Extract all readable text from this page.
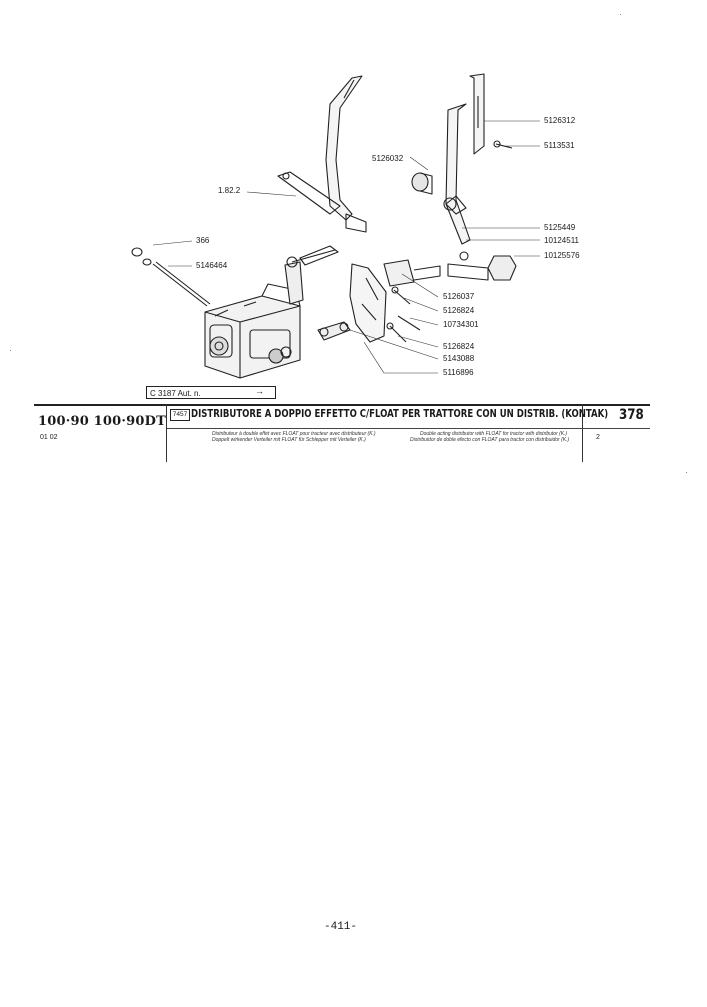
1.82.2
366
5146464
5126032
5126312
5113531
5125449
10124511
10125576
5126037
5126824
10734301
5126824
5143088
5116896
C 3187 Aut. n.	→
100·90 100·90DT
01 02
7457 DISTRIBUTORE A DOPPIO EFFETTO C/FLOAT PER TRATTORE CON UN DISTRIB. (KONTAK)
Distributeur à double effet avec FLOAT pour tracteur avec distributeur (K.)
Doppelt wirkender Verteiler mit FLOAT für Schlepper mit Verteiler (K.)
Double acting distributor with FLOAT for tractor with distributor (K.)
Distribuidor de doble efecto con FLOAT para tractor con distribuidor (K.)
378
2
-411-
